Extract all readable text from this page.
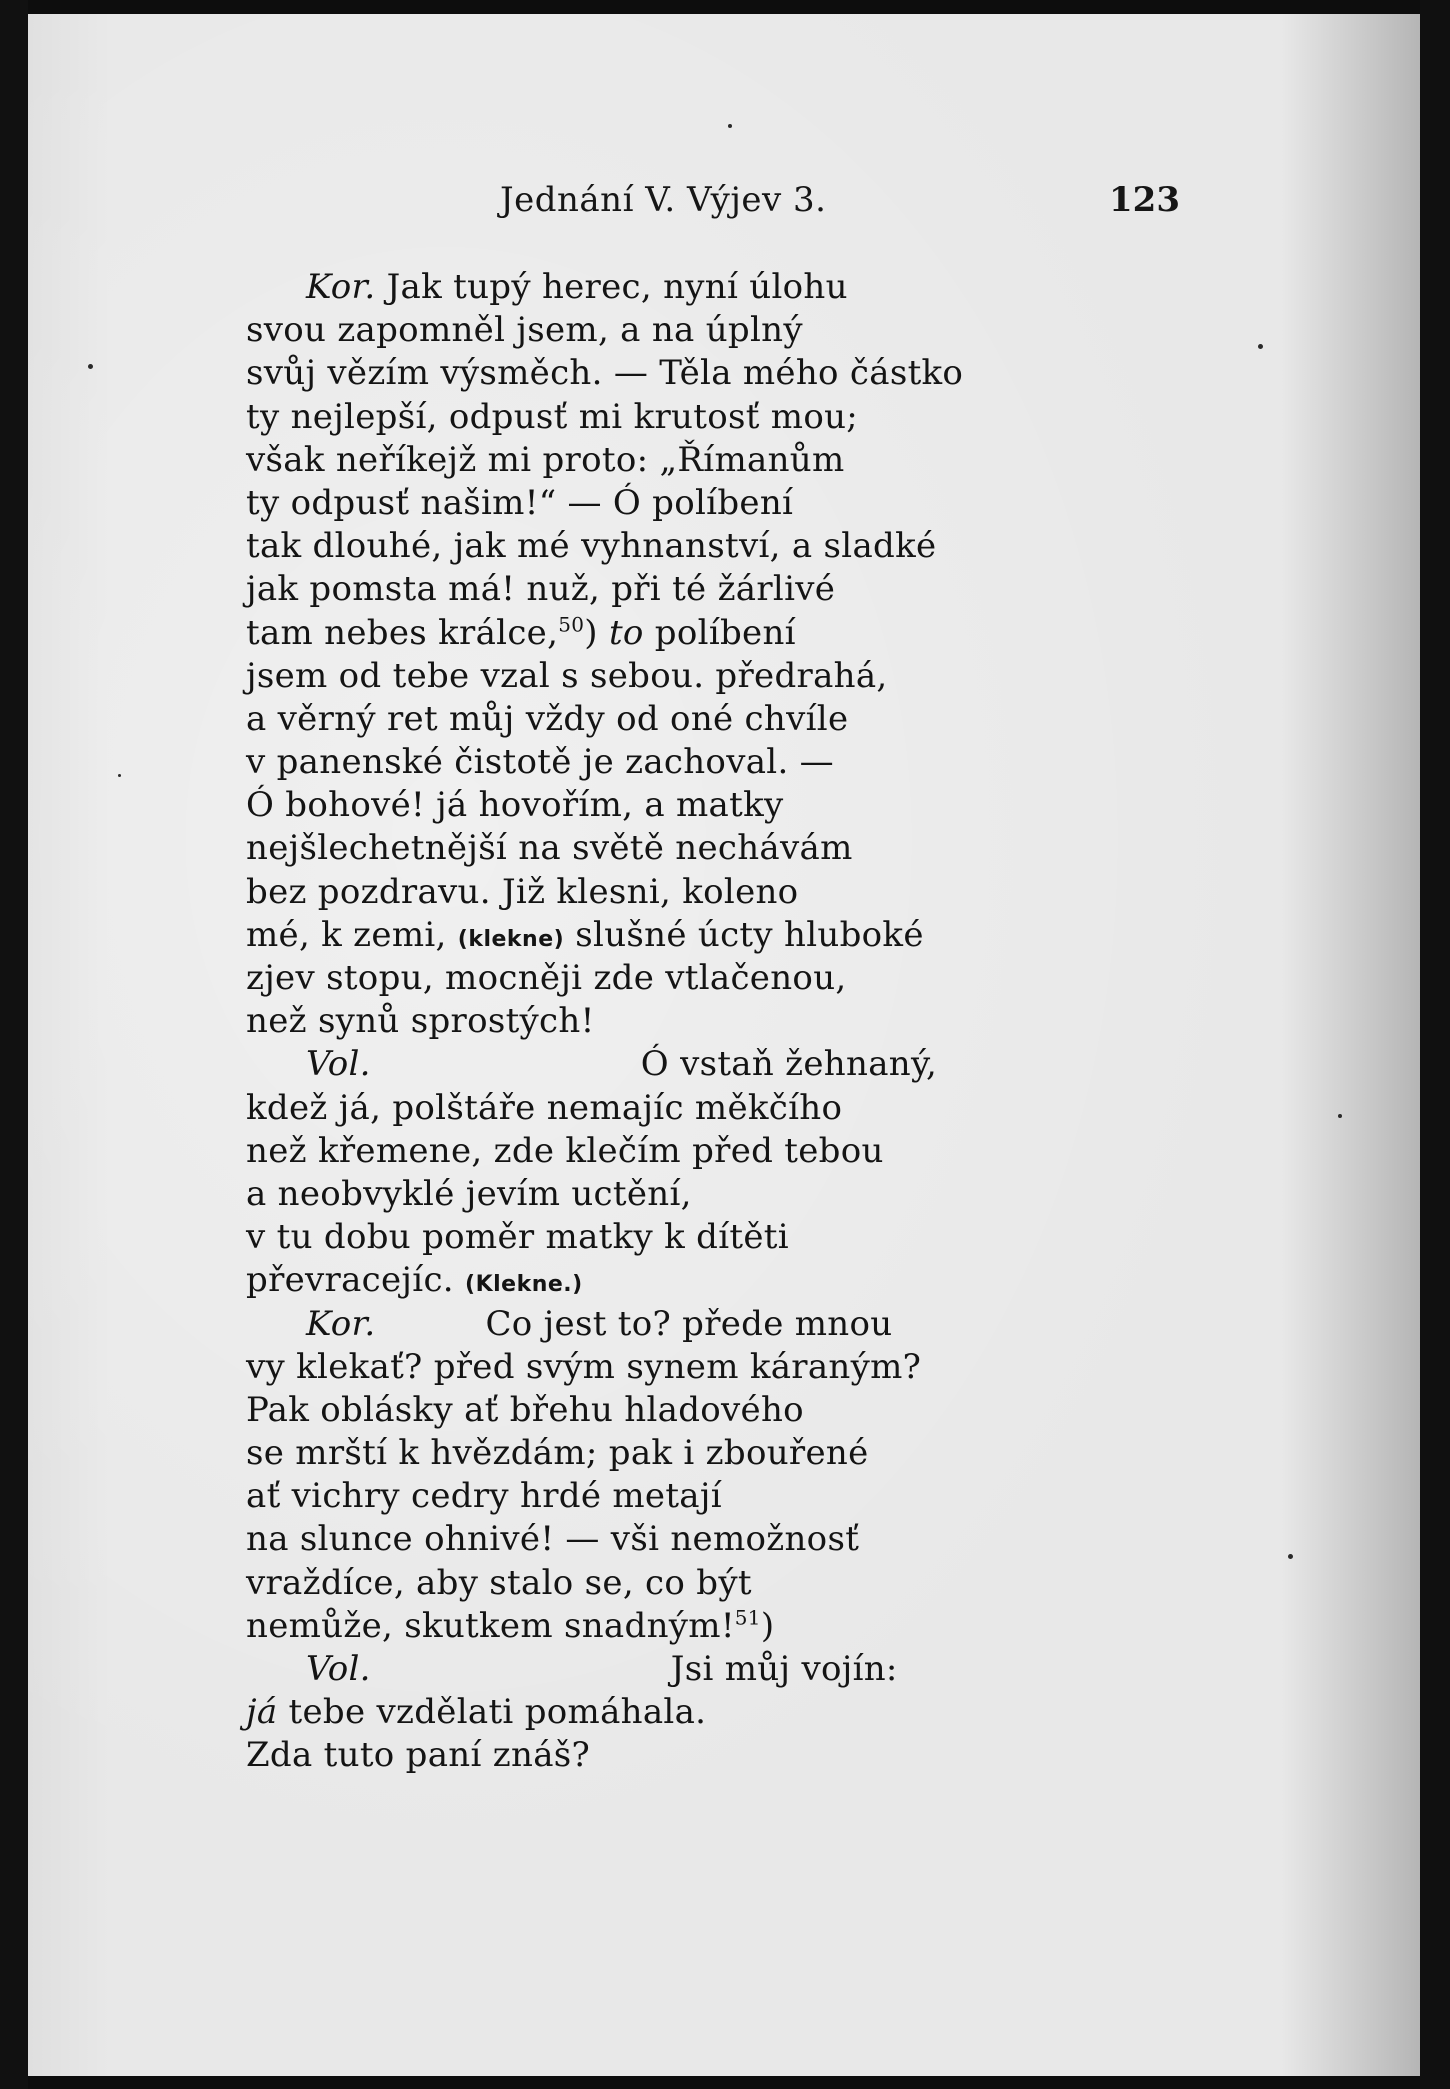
Jednání V. Výjev 3.	123
Kor. Jak tupý herec, nyní úlohu
svou zapomněl jsem, a na úplný
svůj vězím výsměch. — Těla mého částko
ty nejlepší, odpusť mi krutosť mou;
však neříkejž mi proto: „Římanům
ty odpusť našim!“ — Ó políbení
tak dlouhé, jak mé vyhnanství, a sladké
jak pomsta má! nuž, při té žárlivé
tam nebes králce,$^{50}$) to políbení
jsem od tebe vzal s sebou. předrahá,
a věrný ret můj vždy od oné chvíle
v panenské čistotě je zachoval. —
Ó bohové! já hovořím, a matky
nejšlechetnější na světě nechávám
bez pozdravu. Již klesni, koleno
mé, k zemi, (klekne) slušné úcty hluboké
zjev stopu, mocněji zde vtlačenou,
než synů sprostých!
Vol.	Ó vstaň žehnaný,
kdež já, polštáře nemajíc měkčího
než křemene, zde klečím před tebou
a neobvyklé jevím uctění,
v tu dobu poměr matky k dítěti
převracejíc. (Klekne.)
Kor.	Co jest to? přede mnou
vy klekať? před svým synem káraným?
Pak oblásky ať břehu hladového
se mrští k hvězdám; pak i zbouřené
ať vichry cedry hrdé metají
na slunce ohnivé! — vši nemožnosť
vraždíce, aby stalo se, co být
nemůže, skutkem snadným!$^{51}$)
Vol.	Jsi můj vojín:
já tebe vzdělati pomáhala.
Zda tuto paní znáš?
